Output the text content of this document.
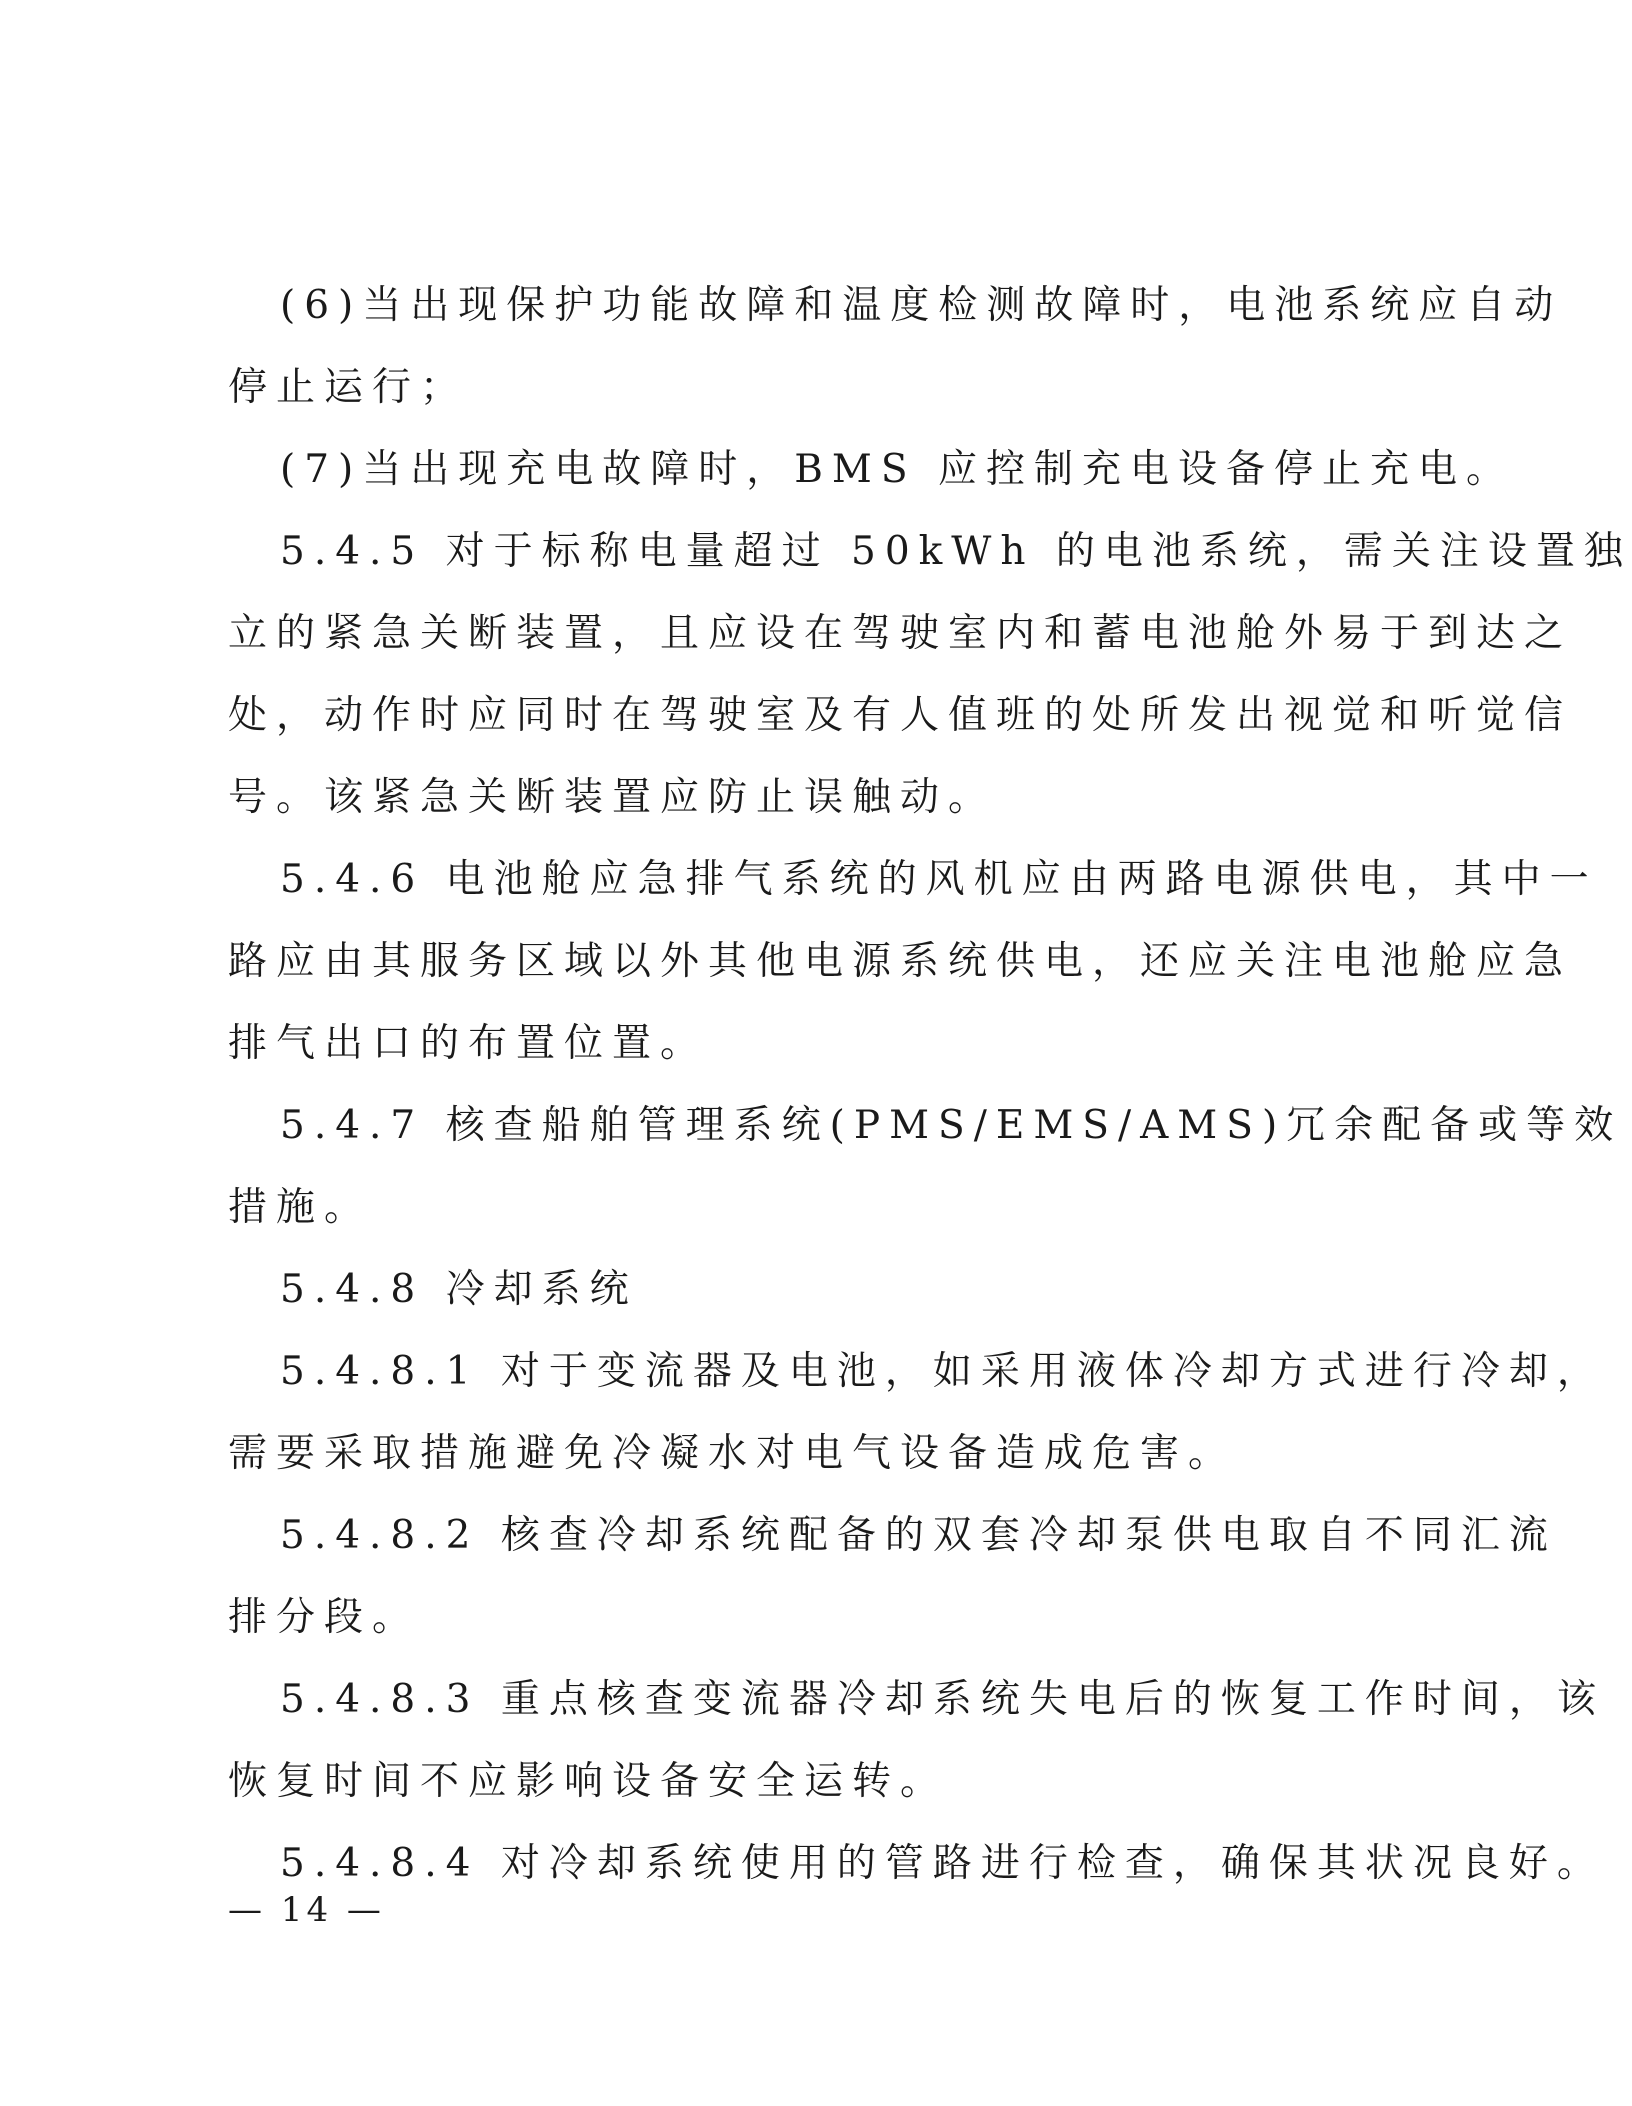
(6)当出现保护功能故障和温度检测故障时，电池系统应自动
停止运行；
(7)当出现充电故障时，BMS 应控制充电设备停止充电。
5.4.5 对于标称电量超过 50kWh 的电池系统，需关注设置独
立的紧急关断装置，且应设在驾驶室内和蓄电池舱外易于到达之
处，动作时应同时在驾驶室及有人值班的处所发出视觉和听觉信
号。该紧急关断装置应防止误触动。
5.4.6 电池舱应急排气系统的风机应由两路电源供电，其中一
路应由其服务区域以外其他电源系统供电，还应关注电池舱应急
排气出口的布置位置。
5.4.7 核查船舶管理系统(PMS/EMS/AMS)冗余配备或等效
措施。
5.4.8 冷却系统
5.4.8.1 对于变流器及电池，如采用液体冷却方式进行冷却，
需要采取措施避免冷凝水对电气设备造成危害。
5.4.8.2 核查冷却系统配备的双套冷却泵供电取自不同汇流
排分段。
5.4.8.3 重点核查变流器冷却系统失电后的恢复工作时间，该
恢复时间不应影响设备安全运转。
5.4.8.4 对冷却系统使用的管路进行检查，确保其状况良好。
— 14 —
